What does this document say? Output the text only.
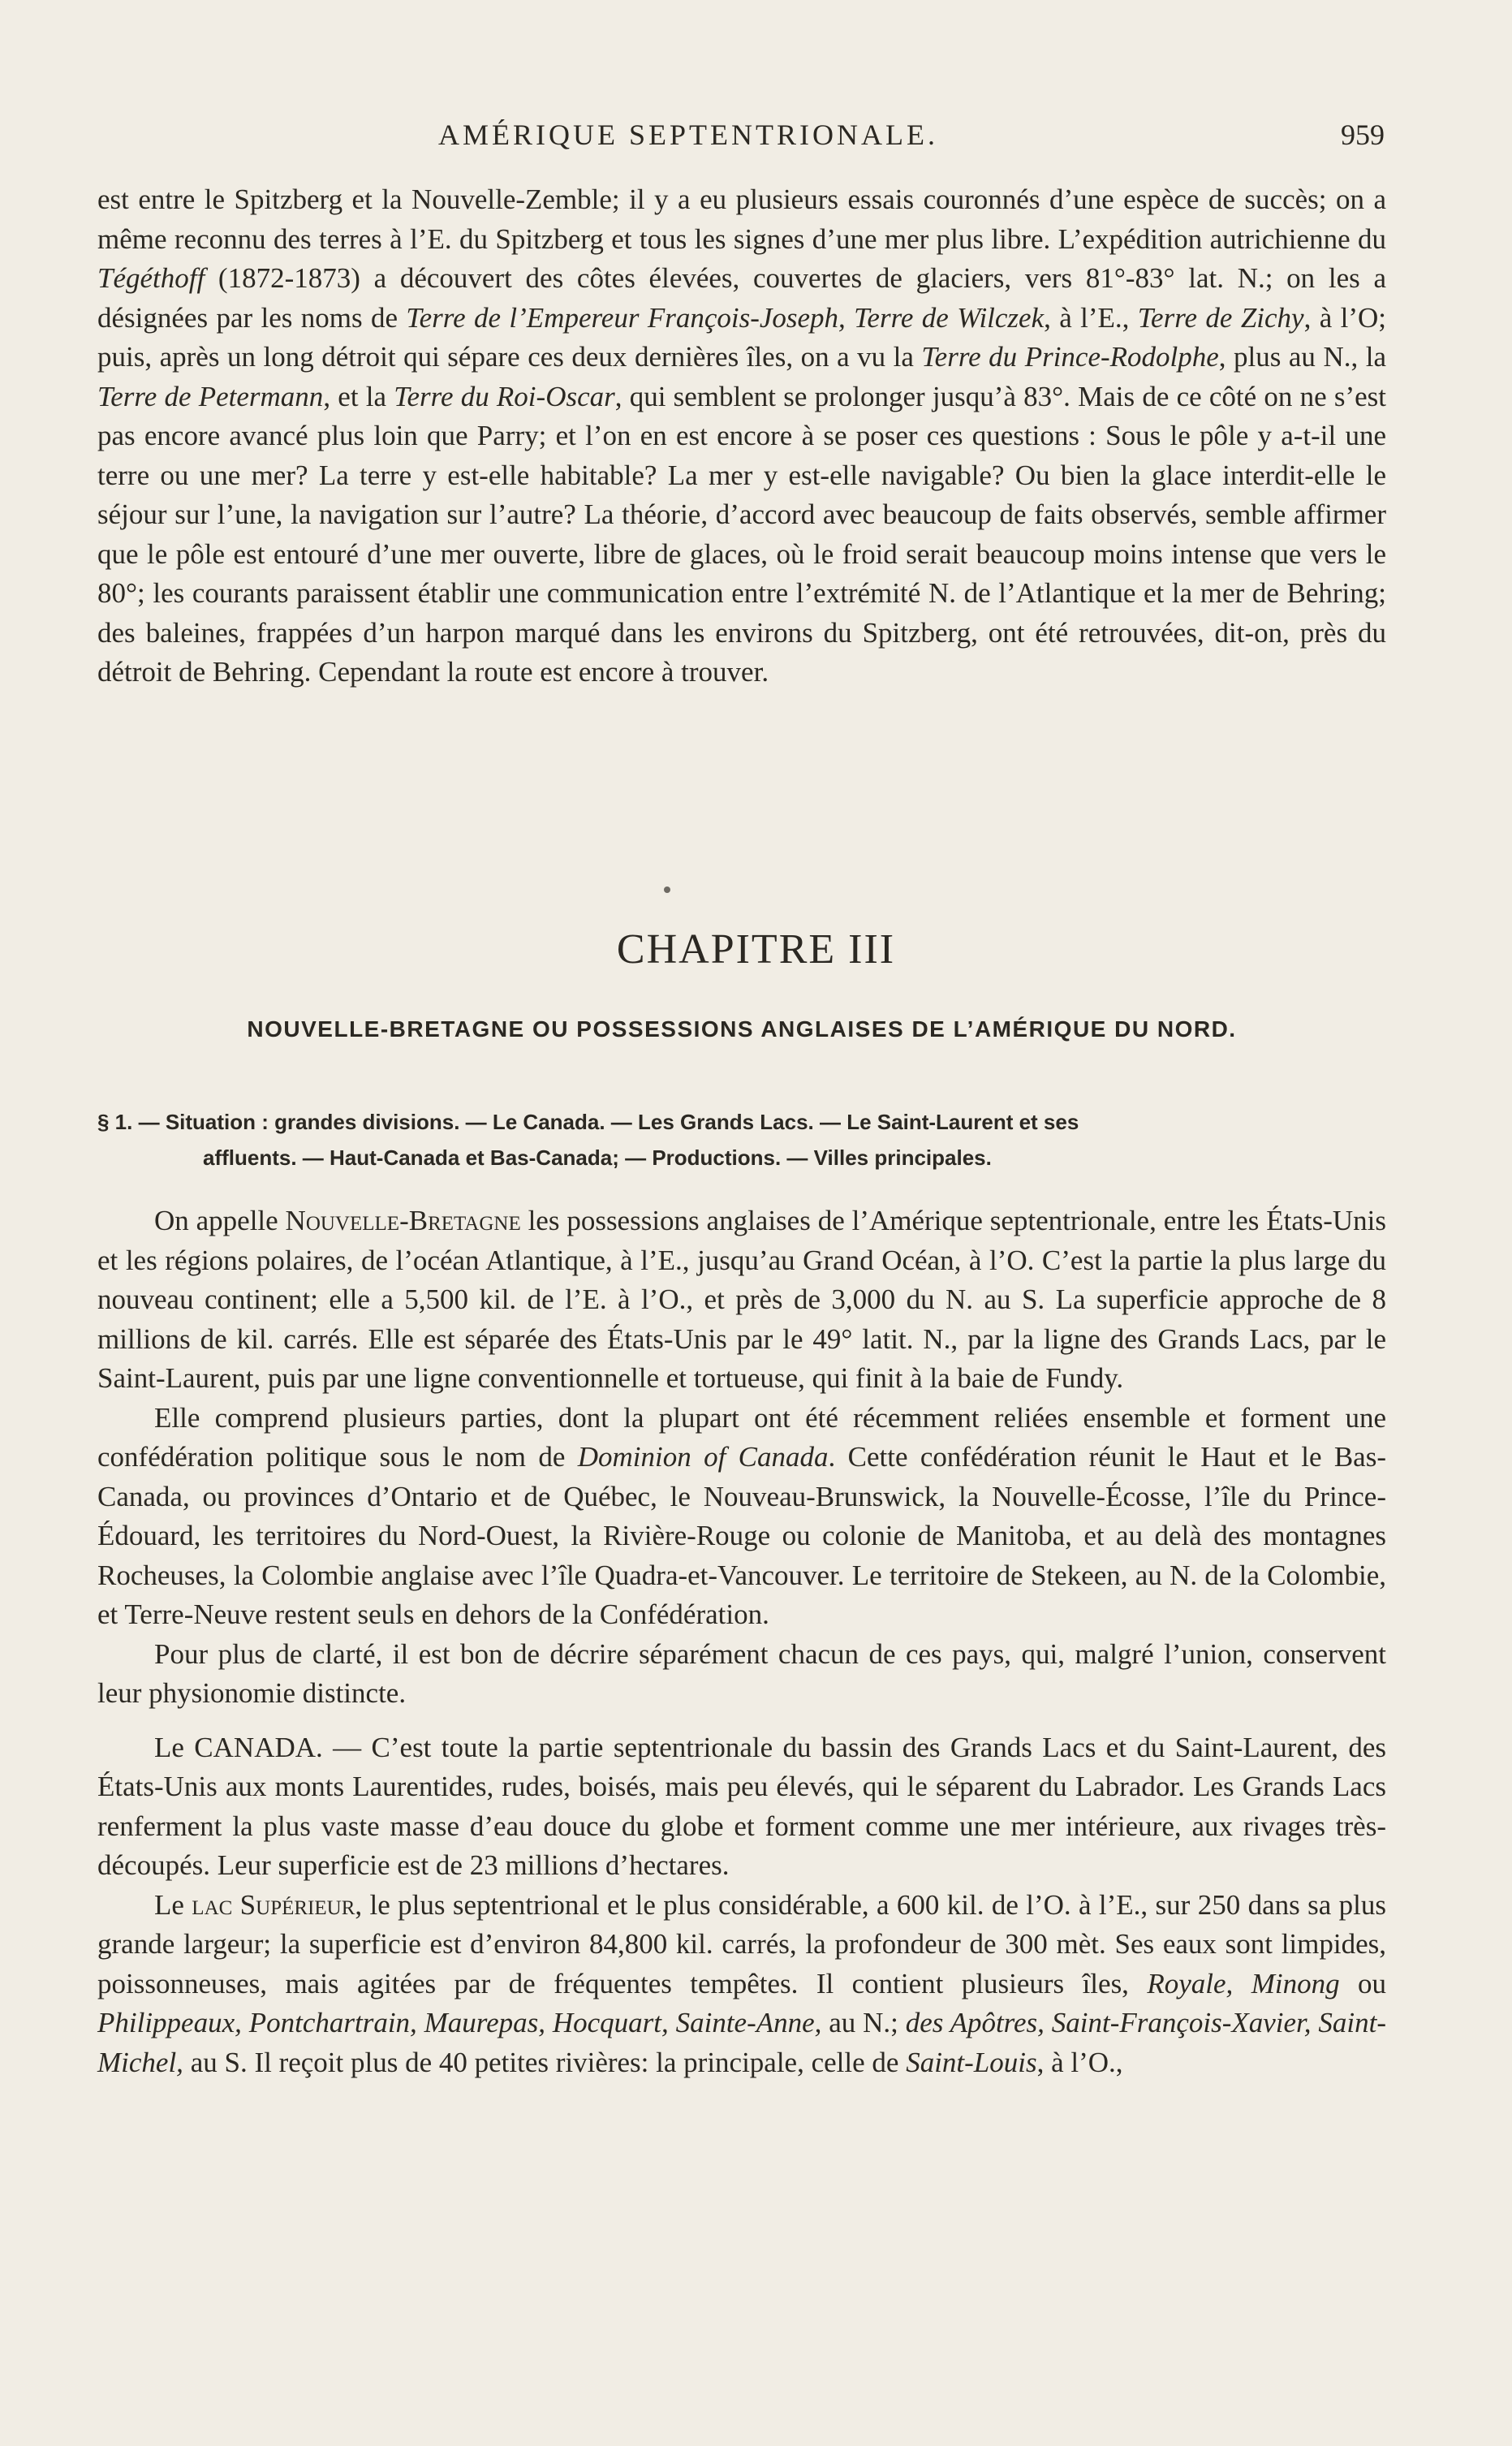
AMÉRIQUE SEPTENTRIONALE.	959

est entre le Spitzberg et la Nouvelle-Zemble; il y a eu plusieurs essais couronnés d’une espèce de succès; on a même reconnu des terres à l’E. du Spitzberg et tous les signes d’une mer plus libre. L’expédition autrichienne du Tégéthoff (1872-1873) a découvert des côtes élevées, couvertes de glaciers, vers 81°-83° lat. N.; on les a désignées par les noms de Terre de l’Empereur François-Joseph, Terre de Wilczek, à l’E., Terre de Zichy, à l’O; puis, après un long détroit qui sépare ces deux dernières îles, on a vu la Terre du Prince-Rodolphe, plus au N., la Terre de Petermann, et la Terre du Roi-Oscar, qui semblent se prolonger jusqu’à 83°. Mais de ce côté on ne s’est pas encore avancé plus loin que Parry; et l’on en est encore à se poser ces questions : Sous le pôle y a-t-il une terre ou une mer? La terre y est-elle habitable? La mer y est-elle navigable? Ou bien la glace interdit-elle le séjour sur l’une, la navigation sur l’autre? La théorie, d’accord avec beaucoup de faits observés, semble affirmer que le pôle est entouré d’une mer ouverte, libre de glaces, où le froid serait beaucoup moins intense que vers le 80°; les courants paraissent établir une communication entre l’extrémité N. de l’Atlantique et la mer de Behring; des baleines, frappées d’un harpon marqué dans les environs du Spitzberg, ont été retrouvées, dit-on, près du détroit de Behring. Cependant la route est encore à trouver.

CHAPITRE III
NOUVELLE-BRETAGNE OU POSSESSIONS ANGLAISES DE L’AMÉRIQUE DU NORD.
§ 1. — Situation : grandes divisions. — Le Canada. — Les Grands Lacs. — Le Saint-Laurent et ses
affluents. — Haut-Canada et Bas-Canada; — Productions. — Villes principales.

On appelle Nouvelle-Bretagne les possessions anglaises de l’Amérique septentrionale, entre les États-Unis et les régions polaires, de l’océan Atlantique, à l’E., jusqu’au Grand Océan, à l’O. C’est la partie la plus large du nouveau continent; elle a 5,500 kil. de l’E. à l’O., et près de 3,000 du N. au S. La superficie approche de 8 millions de kil. carrés. Elle est séparée des États-Unis par le 49° latit. N., par la ligne des Grands Lacs, par le Saint-Laurent, puis par une ligne conventionnelle et tortueuse, qui finit à la baie de Fundy.

Elle comprend plusieurs parties, dont la plupart ont été récemment reliées ensemble et forment une confédération politique sous le nom de Dominion of Canada. Cette confédération réunit le Haut et le Bas-Canada, ou provinces d’Ontario et de Québec, le Nouveau-Brunswick, la Nouvelle-Écosse, l’île du Prince-Édouard, les territoires du Nord-Ouest, la Rivière-Rouge ou colonie de Manitoba, et au delà des montagnes Rocheuses, la Colombie anglaise avec l’île Quadra-et-Vancouver. Le territoire de Stekeen, au N. de la Colombie, et Terre-Neuve restent seuls en dehors de la Confédération.

Pour plus de clarté, il est bon de décrire séparément chacun de ces pays, qui, malgré l’union, conservent leur physionomie distincte.

Le CANADA. — C’est toute la partie septentrionale du bassin des Grands Lacs et du Saint-Laurent, des États-Unis aux monts Laurentides, rudes, boisés, mais peu élevés, qui le séparent du Labrador. Les Grands Lacs renferment la plus vaste masse d’eau douce du globe et forment comme une mer intérieure, aux rivages très-découpés. Leur superficie est de 23 millions d’hectares.

Le lac Supérieur, le plus septentrional et le plus considérable, a 600 kil. de l’O. à l’E., sur 250 dans sa plus grande largeur; la superficie est d’environ 84,800 kil. carrés, la profondeur de 300 mèt. Ses eaux sont limpides, poissonneuses, mais agitées par de fréquentes tempêtes. Il contient plusieurs îles, Royale, Minong ou Philippeaux, Pontchartrain, Maurepas, Hocquart, Sainte-Anne, au N.; des Apôtres, Saint-François-Xavier, Saint-Michel, au S. Il reçoit plus de 40 petites rivières: la principale, celle de Saint-Louis, à l’O.,
